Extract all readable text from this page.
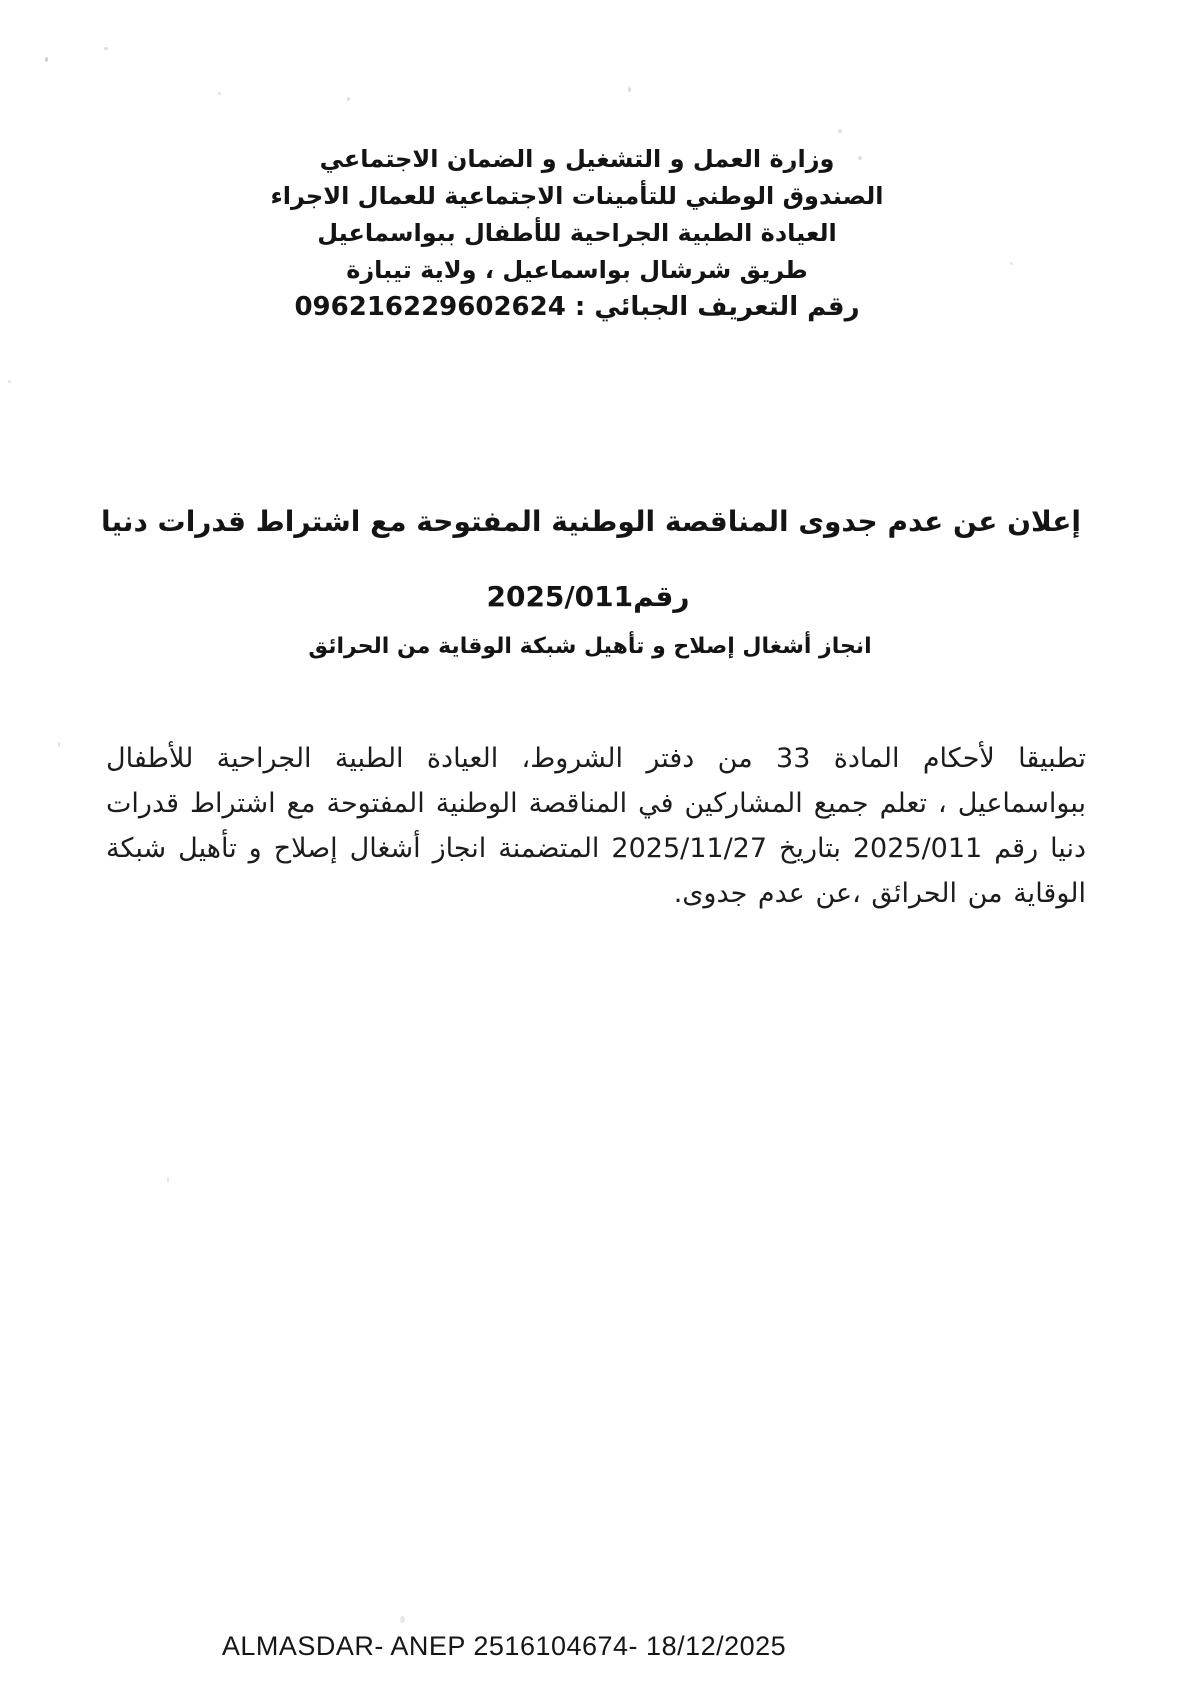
وزارة العمل و التشغيل و الضمان الاجتماعي
الصندوق الوطني للتأمينات الاجتماعية للعمال الاجراء
العيادة الطبية الجراحية للأطفال ببواسماعيل
طريق شرشال بواسماعيل ، ولاية تيبازة
رقم التعريف الجبائي : 096216229602624
إعلان عن عدم جدوى المناقصة الوطنية المفتوحة مع اشتراط قدرات دنيا
رقم2025/011
انجاز أشغال إصلاح و تأهيل شبكة الوقاية من الحرائق
تطبيقا لأحكام المادة 33 من دفتر الشروط، العيادة الطبية الجراحية للأطفال ببواسماعيل ، تعلم جميع المشاركين في المناقصة الوطنية المفتوحة مع اشتراط قدرات دنيا رقم 2025/011 بتاريخ 2025/11/27 المتضمنة انجاز أشغال إصلاح و تأهيل شبكة الوقاية من الحرائق ،عن عدم جدوى.
ALMASDAR- ANEP 2516104674- 18/12/2025
